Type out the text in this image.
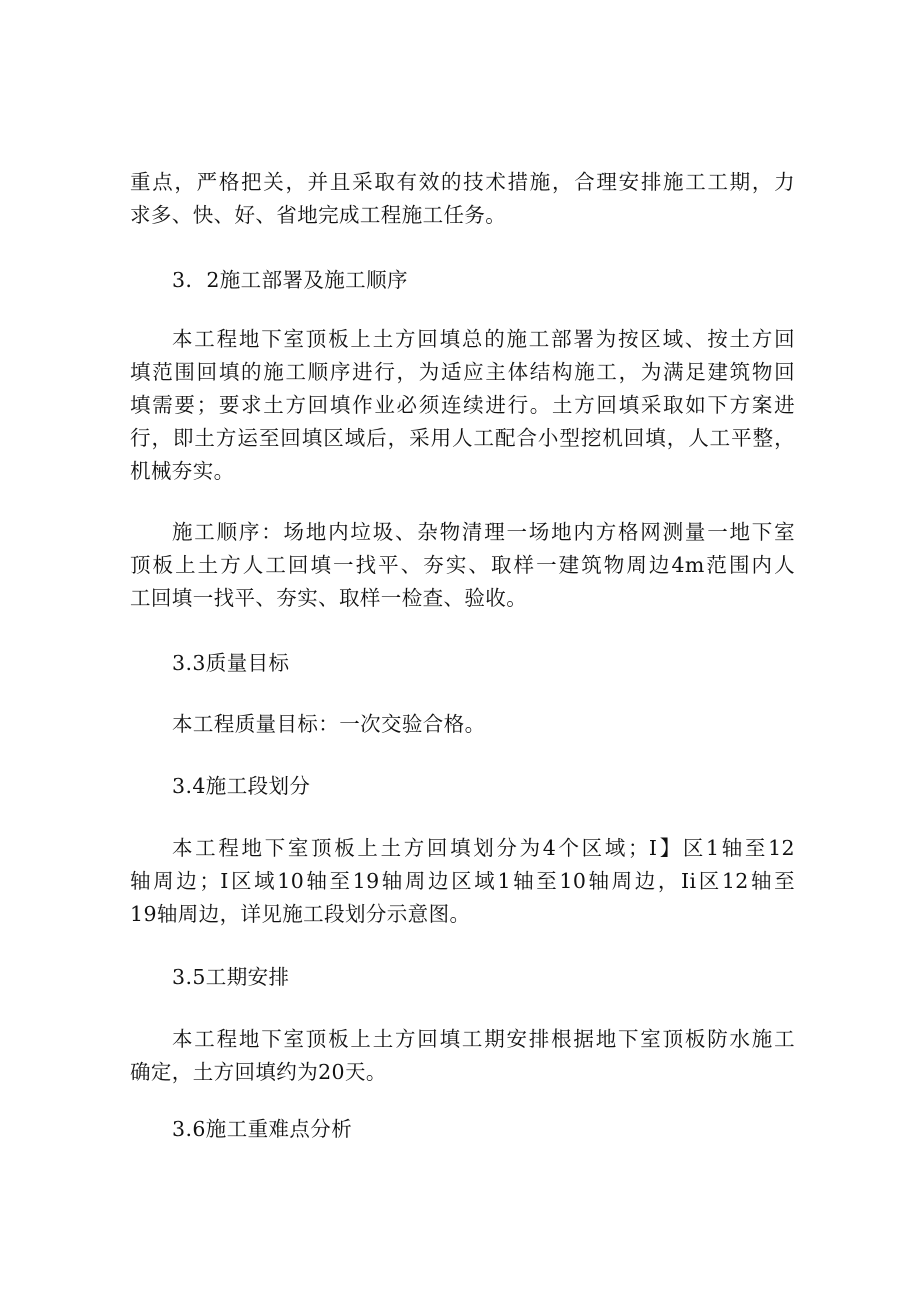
重点，严格把关，并且采取有效的技术措施，合理安排施工工期，力
求多、快、好、省地完成工程施工任务。
3．2施工部署及施工顺序
本工程地下室顶板上土方回填总的施工部署为按区域、按土方回
填范围回填的施工顺序进行，为适应主体结构施工，为满足建筑物回
填需要；要求土方回填作业必须连续进行。土方回填采取如下方案进
行，即土方运至回填区域后，采用人工配合小型挖机回填，人工平整，
机械夯实。
施工顺序：场地内垃圾、杂物清理一场地内方格网测量一地下室
顶板上土方人工回填一找平、夯实、取样一建筑物周边4m范围内人
工回填一找平、夯实、取样一检查、验收。
3.3质量目标
本工程质量目标：一次交验合格。
3.4施工段划分
本工程地下室顶板上土方回填划分为4个区域；I】区1轴至12
轴周边；I区域10轴至19轴周边区域1轴至10轴周边，Ii区12轴至
19轴周边，详见施工段划分示意图。
3.5工期安排
本工程地下室顶板上土方回填工期安排根据地下室顶板防水施工
确定，土方回填约为20天。
3.6施工重难点分析
